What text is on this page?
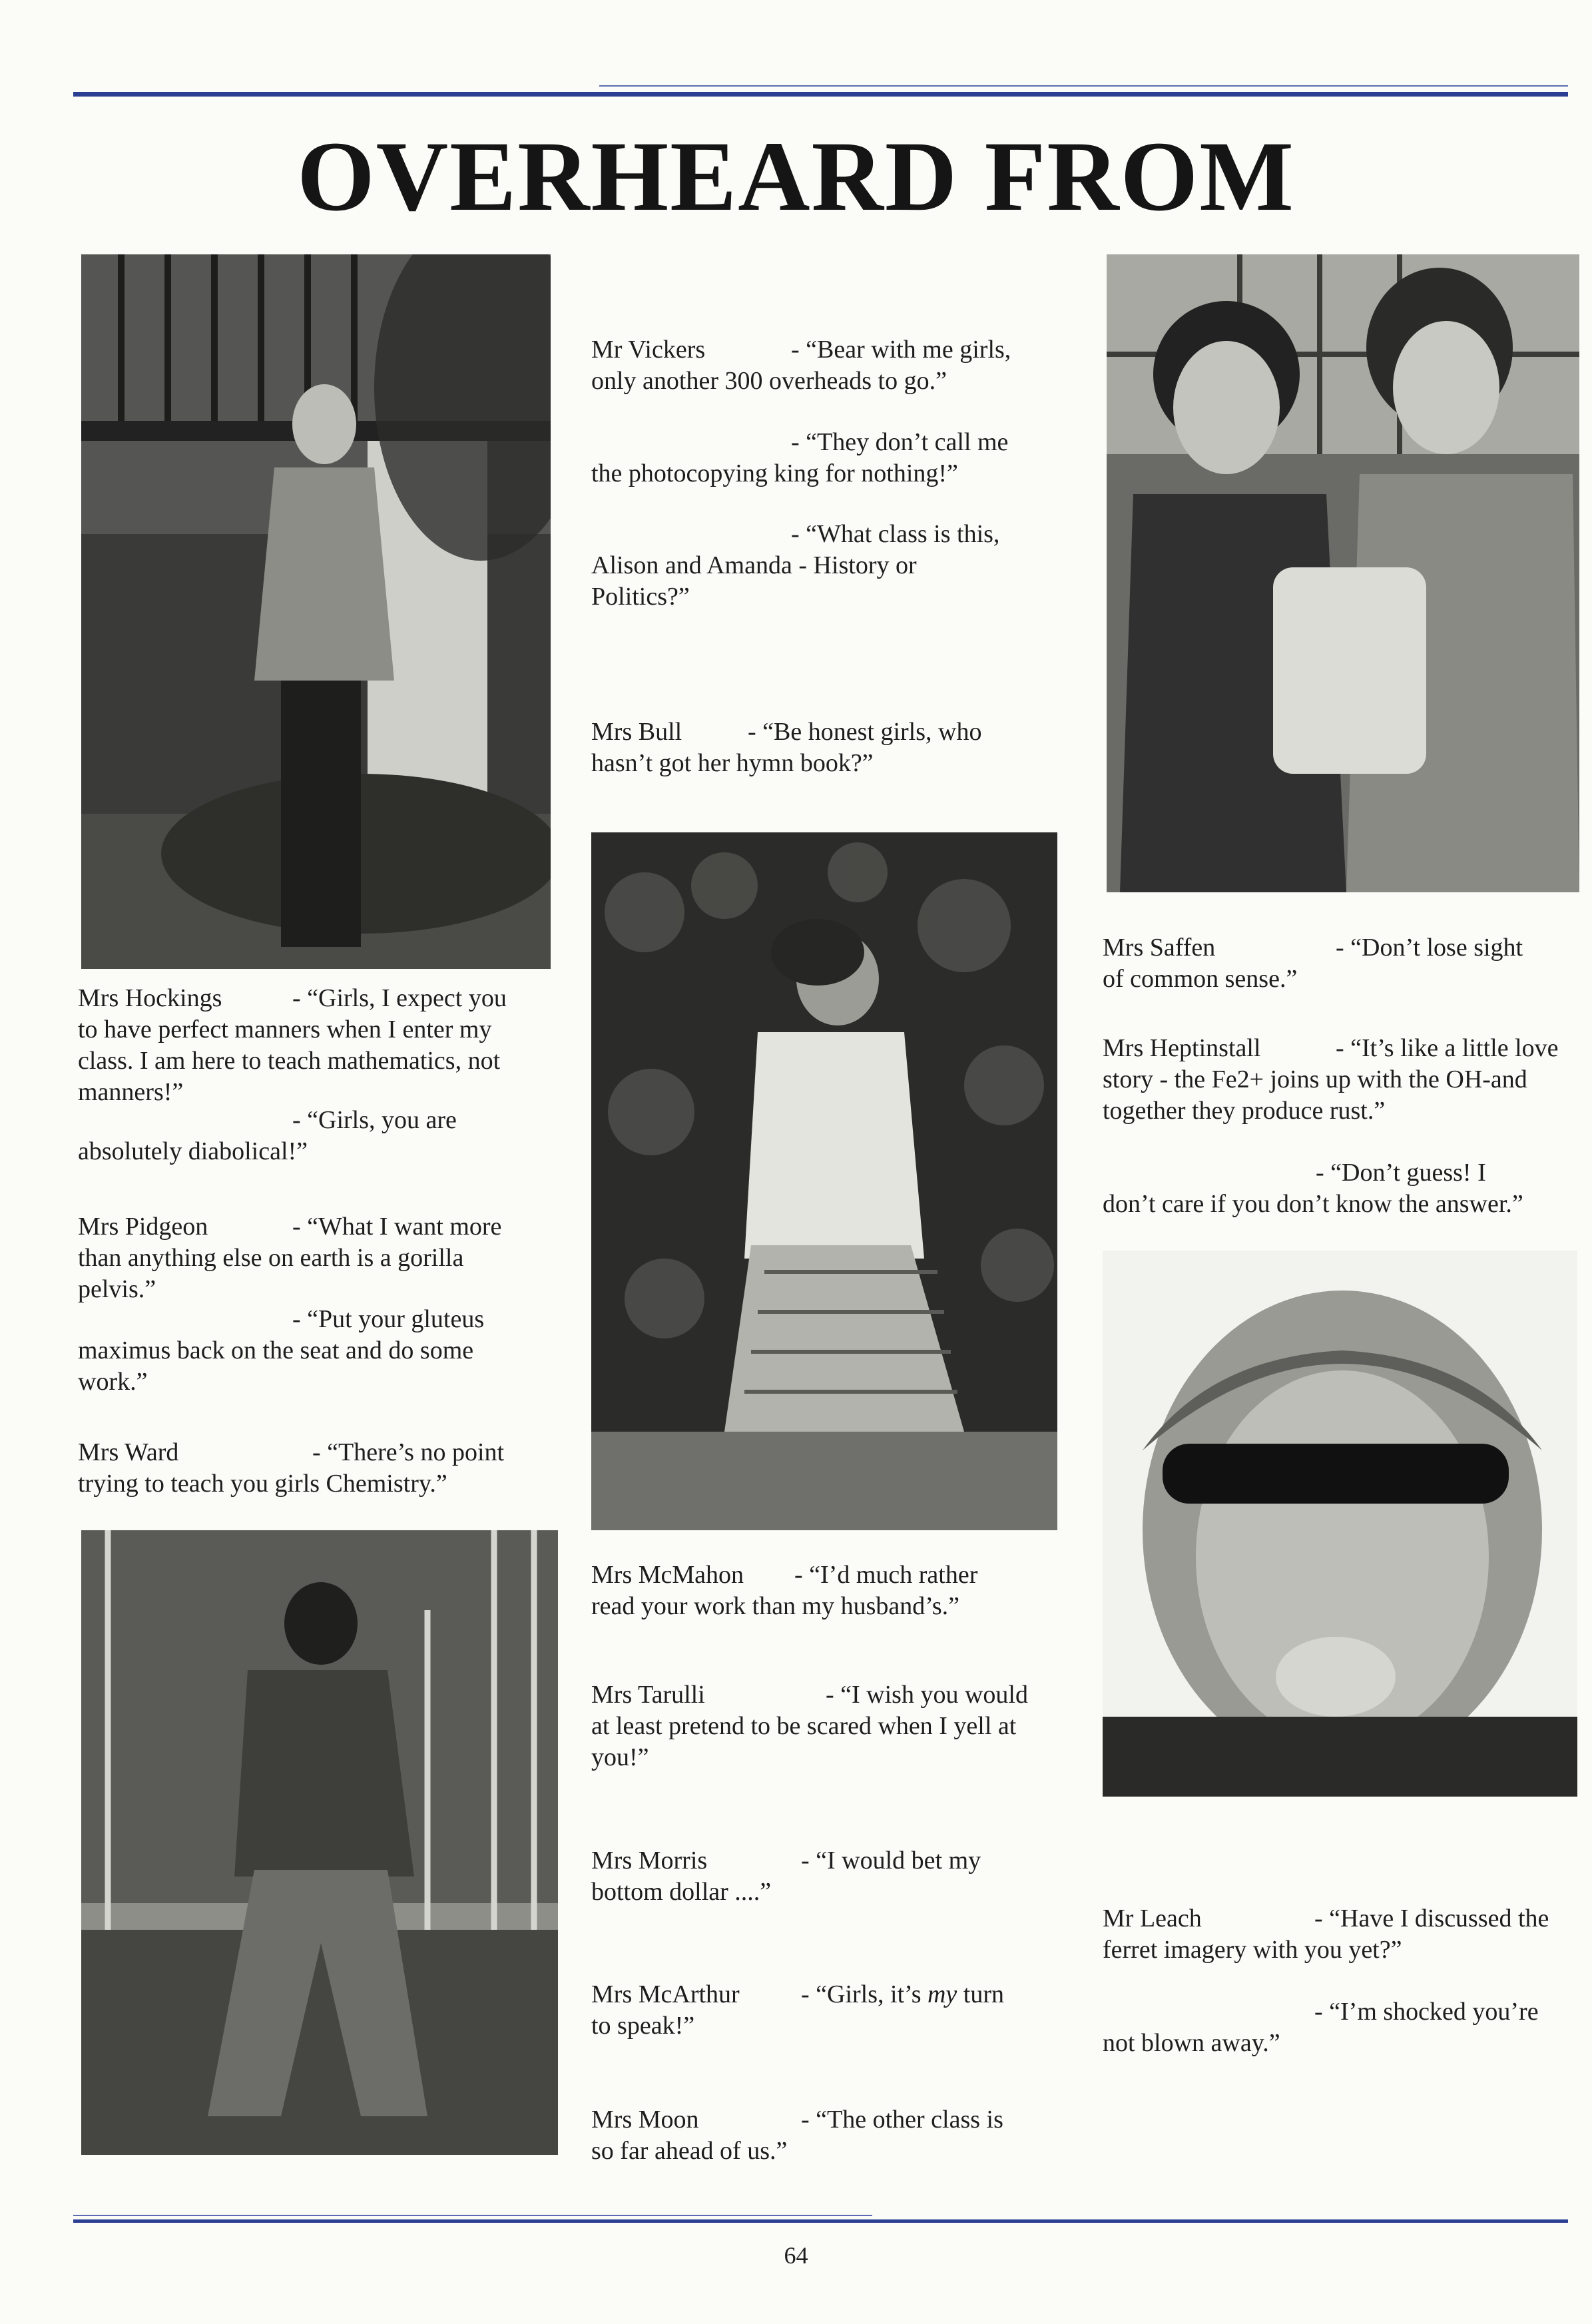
OVERHEARD FROM

Mr Vickers	- “Bear with me girls,
only another 300 overheads to go.”

- “They don’t call me
the photocopying king for nothing!”

- “What class is this,
Alison and Amanda - History or
Politics?”

Mrs Bull	- “Be honest girls, who
hasn’t got her hymn book?”

Mrs Hockings	- “Girls, I expect you
to have perfect manners when I enter my
class. I am here to teach mathematics, not
manners!”

- “Girls, you are
absolutely diabolical!”

Mrs Pidgeon	- “What I want more
than anything else on earth is a gorilla
pelvis.”

- “Put your gluteus
maximus back on the seat and do some
work.”

Mrs Ward	- “There’s no point
trying to teach you girls Chemistry.”

Mrs Saffen	- “Don’t lose sight
of common sense.”

Mrs Heptinstall	- “It’s like a little love
story - the Fe2+ joins up with the OH-and
together they produce rust.”

- “Don’t guess! I
don’t care if you don’t know the answer.”

Mrs McMahon - “I’d much rather
read your work than my husband’s.”

Mrs Tarulli	- “I wish you would
at least pretend to be scared when I yell at
you!”

Mrs Morris	- “I would bet my
bottom dollar ....”

Mrs McArthur - “Girls, it’s my turn
to speak!”

Mrs Moon	- “The other class is
so far ahead of us.”

Mr Leach	- “Have I discussed the
ferret imagery with you yet?”

- “I’m shocked you’re
not blown away.”

64
